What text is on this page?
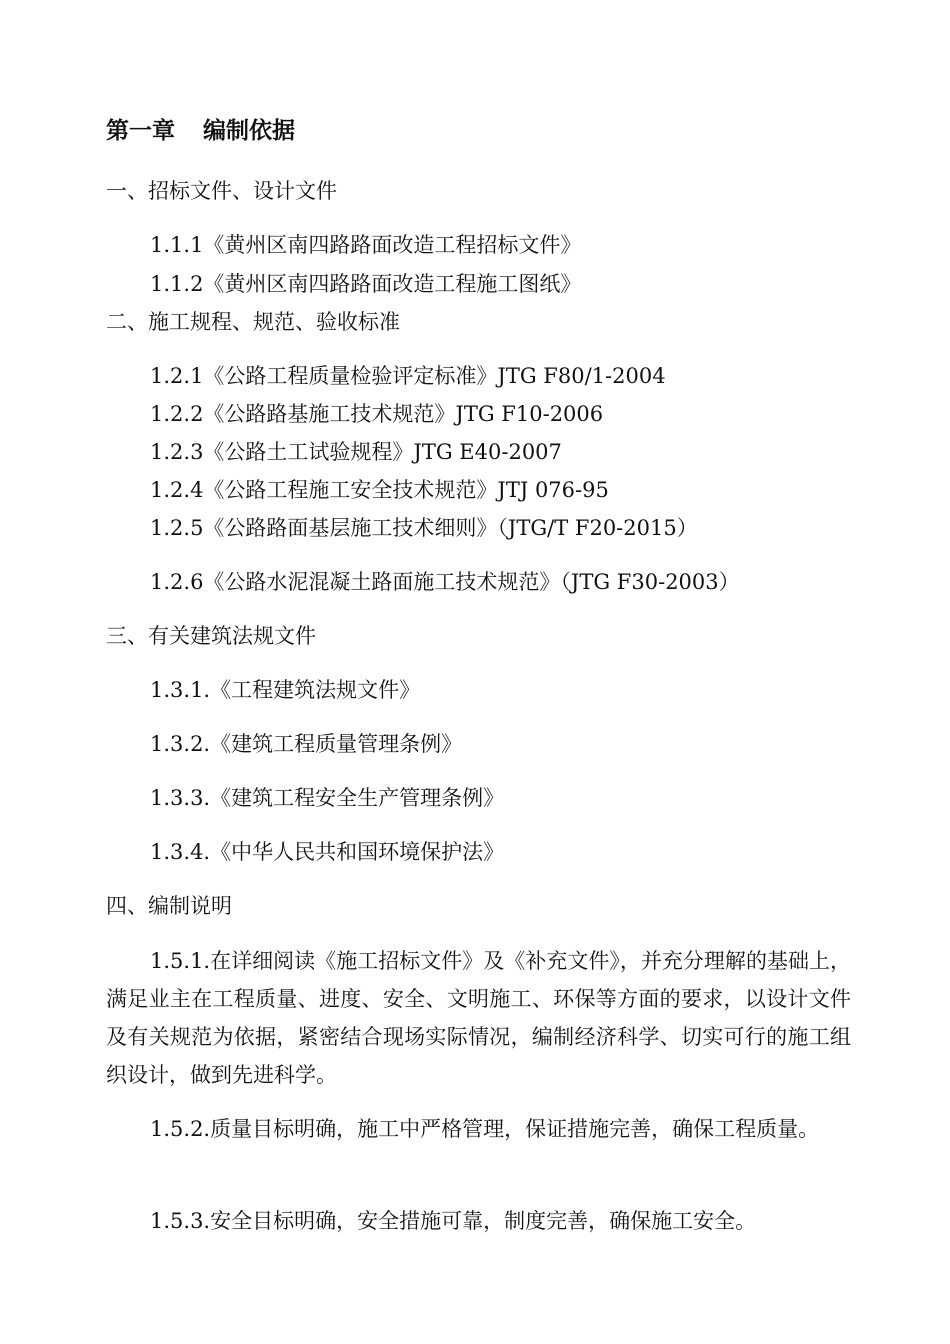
第一章 编制依据
一、招标文件、设计文件
1.1.1《黄州区南四路路面改造工程招标文件》
1.1.2《黄州区南四路路面改造工程施工图纸》
二、施工规程、规范、验收标准
1.2.1《公路工程质量检验评定标准》JTG F80/1-2004
1.2.2《公路路基施工技术规范》JTG F10-2006
1.2.3《公路土工试验规程》JTG E40-2007
1.2.4《公路工程施工安全技术规范》JTJ 076-95
1.2.5《公路路面基层施工技术细则》（JTG/T F20-2015）
1.2.6《公路水泥混凝土路面施工技术规范》（JTG F30-2003）
三、有关建筑法规文件
1.3.1.《工程建筑法规文件》
1.3.2.《建筑工程质量管理条例》
1.3.3.《建筑工程安全生产管理条例》
1.3.4.《中华人民共和国环境保护法》
四、编制说明
1.5.1.在详细阅读《施工招标文件》及《补充文件》，并充分理解的基础上，满足业主在工程质量、进度、安全、文明施工、环保等方面的要求，以设计文件及有关规范为依据，紧密结合现场实际情况，编制经济科学、切实可行的施工组织设计，做到先进科学。
1.5.2.质量目标明确，施工中严格管理，保证措施完善，确保工程质量。
1.5.3.安全目标明确，安全措施可靠，制度完善，确保施工安全。
